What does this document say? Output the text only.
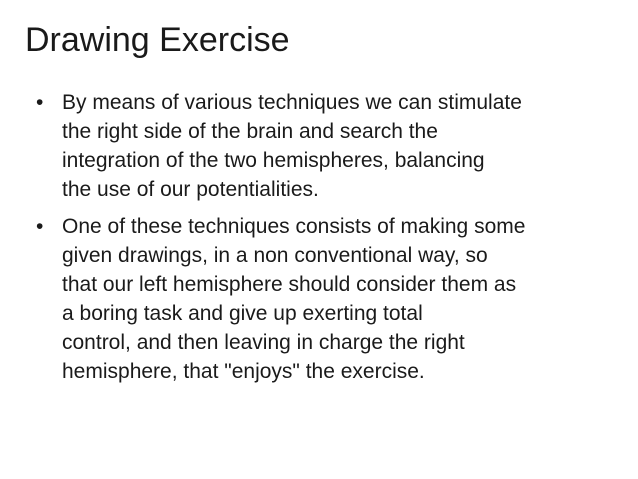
Drawing Exercise
• By means of various techniques we can stimulate
the right side of the brain and search the
integration of the two hemispheres, balancing
the use of our potentialities.
• One of these techniques consists of making some
given drawings, in a non conventional way, so
that our left hemisphere should consider them as
a boring task and give up exerting total
control, and then leaving in charge the right
hemisphere, that "enjoys" the exercise.
